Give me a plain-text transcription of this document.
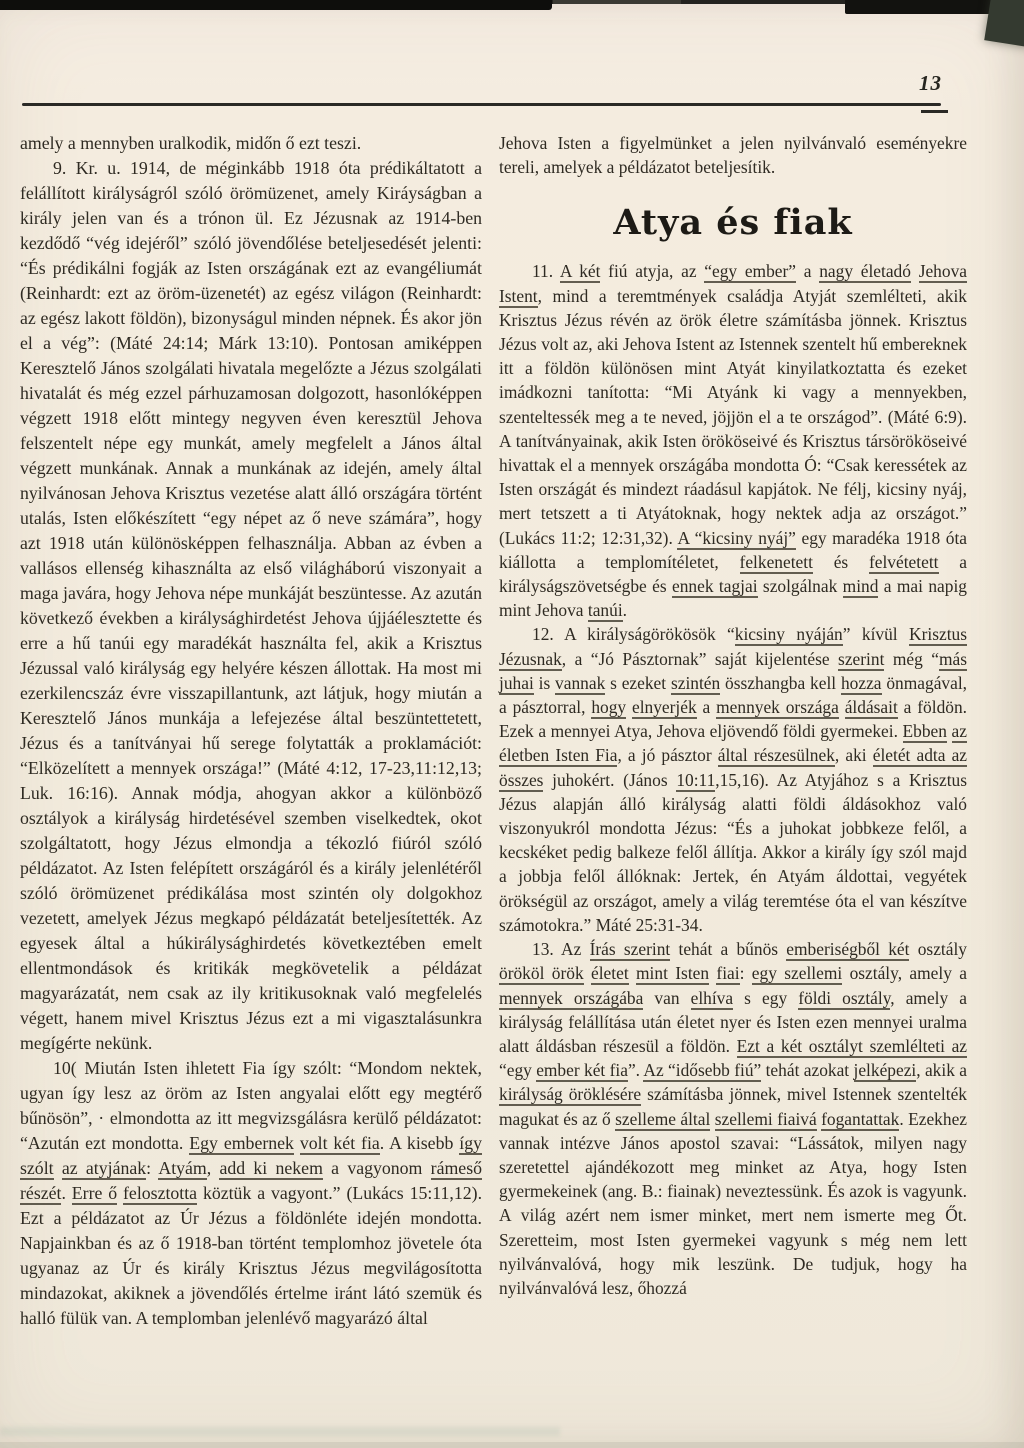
13

amely a mennyben uralkodik, midőn ő ezt teszi.

9. Kr. u. 1914, de méginkább 1918 óta prédikáltatott a felállított királyságról szóló örömüzenet, amely Kiráyságban a király jelen van és a trónon ül. Ez Jézusnak az 1914-ben kezdődő “vég idejéről” szóló jövendőlése beteljesedését jelenti: “És prédikálni fogják az Isten országának ezt az evangéliumát (Reinhardt: ezt az öröm-üzenetét) az egész világon (Reinhardt: az egész lakott földön), bizonyságul minden népnek. És akor jön el a vég”: (Máté 24:14; Márk 13:10). Pontosan amiképpen Keresztelő János szolgálati hivatala megelőzte a Jézus szolgálati hivatalát és még ezzel párhuzamosan dolgozott, hasonlóképpen végzett 1918 előtt mintegy negyven éven keresztül Jehova felszentelt népe egy munkát, amely megfelelt a János által végzett munkának. Annak a munkának az idején, amely által nyilvánosan Jehova Krisztus vezetése alatt álló országára történt utalás, Isten előkészített “egy népet az ő neve számára”, hogy azt 1918 után különösképpen felhasználja. Abban az évben a vallásos ellenség kihasználta az első világháború viszonyait a maga javára, hogy Jehova népe munkáját beszüntesse. Az azután következő években a királysághirdetést Jehova újjáélesztette és erre a hű tanúi egy maradékát használta fel, akik a Krisztus Jézussal való királyság egy helyére készen állottak. Ha most mi ezerkilencszáz évre visszapillantunk, azt látjuk, hogy miután a Keresztelő János munkája a lefejezése által beszüntettetett, Jézus és a tanítványai hű serege folytatták a proklamációt: “Elközelített a mennyek országa!” (Máté 4:12, 17-23,11:12,13; Luk. 16:16). Annak módja, ahogyan akkor a különböző osztályok a királyság hirdetésével szemben viselkedtek, okot szolgáltatott, hogy Jézus elmondja a tékozló fiúról szóló példázatot. Az Isten felépített országáról és a király jelenlétéről szóló örömüzenet prédikálása most szintén oly dolgokhoz vezetett, amelyek Jézus megkapó példázatát beteljesítették. Az egyesek által a húkirálysághirdetés következtében emelt ellentmondások és kritikák megkövetelik a példázat magyarázatát, nem csak az ily kritikusoknak való megfelelés végett, hanem mivel Krisztus Jézus ezt a mi vigasztalásunkra megígérte nekünk.

10( Miután Isten ihletett Fia így szólt: “Mondom nektek, ugyan így lesz az öröm az Isten angyalai előtt egy megtérő bűnösön”, · elmondotta az itt megvizsgálásra kerülő példázatot: “Azután ezt mondotta. Egy embernek volt két fia. A kisebb így szólt az atyjának: Atyám, add ki nekem a vagyonom rámeső részét. Erre ő felosztotta köztük a vagyont.” (Lukács 15:11,12). Ezt a példázatot az Úr Jézus a földönléte idején mondotta. Napjainkban és az ő 1918-ban történt templomhoz jövetele óta ugyanaz az Úr és király Krisztus Jézus megvilágosította mindazokat, akiknek a jövendőlés értelme iránt látó szemük és halló fülük van. A templomban jelenlévő magyarázó által

Jehova Isten a figyelmünket a jelen nyilvánvaló eseményekre tereli, amelyek a példázatot beteljesítik.

Atya és fiak

11. A két fiú atyja, az “egy ember” a nagy életadó Jehova Istent, mind a teremtmények családja Atyját szemlélteti, akik Krisztus Jézus révén az örök életre számításba jönnek. Krisztus Jézus volt az, aki Jehova Istent az Istennek szentelt hű embereknek itt a földön különösen mint Atyát kinyilatkoztatta és ezeket imádkozni tanította: “Mi Atyánk ki vagy a mennyekben, szenteltessék meg a te neved, jöjjön el a te országod”. (Máté 6:9). A tanítványainak, akik Isten örököseivé és Krisztus társörököseivé hivattak el a mennyek országába mondotta Ó: “Csak keressétek az Isten országát és mindezt ráadásul kapjátok. Ne félj, kicsiny nyáj, mert tetszett a ti Atyátoknak, hogy nektek adja az országot.” (Lukács 11:2; 12:31,32). A “kicsiny nyáj” egy maradéka 1918 óta kiállotta a templomítéletet, felkenetett és felvétetett a királyságszövetségbe és ennek tagjai szolgálnak mind a mai napig mint Jehova tanúi.

12. A királyságörökösök “kicsiny nyáján” kívül Krisztus Jézusnak, a “Jó Pásztornak” saját kijelentése szerint még “más juhai is vannak s ezeket szintén összhangba kell hozza önmagával, a pásztorral, hogy elnyerjék a mennyek országa áldásait a földön. Ezek a mennyei Atya, Jehova eljövendő földi gyermekei. Ebben az életben Isten Fia, a jó pásztor által részesülnek, aki életét adta az összes juhokért. (János 10:11,15,16). Az Atyjához s a Krisztus Jézus alapján álló királyság alatti földi áldásokhoz való viszonyukról mondotta Jézus: “És a juhokat jobbkeze felől, a kecskéket pedig balkeze felől állítja. Akkor a király így szól majd a jobbja felől állóknak: Jertek, én Atyám áldottai, vegyétek örökségül az országot, amely a világ teremtése óta el van készítve számotokra.” Máté 25:31-34.

13. Az Írás szerint tehát a bűnös emberiségből két osztály örököl örök életet mint Isten fiai: egy szellemi osztály, amely a mennyek országába van elhíva s egy földi osztály, amely a királyság felállítása után életet nyer és Isten ezen mennyei uralma alatt áldásban részesül a földön. Ezt a két osztályt szemlélteti az “egy ember két fia”. Az “idősebb fiú” tehát azokat jelképezi, akik a királyság öröklésére számításba jönnek, mivel Istennek szentelték magukat és az ő szelleme által szellemi fiaivá fogantattak. Ezekhez vannak intézve János apostol szavai: “Lássátok, milyen nagy szeretettel ajándékozott meg minket az Atya, hogy Isten gyermekeinek (ang. B.: fiainak) neveztessünk. És azok is vagyunk. A világ azért nem ismer minket, mert nem ismerte meg Őt. Szeretteim, most Isten gyermekei vagyunk s még nem lett nyilvánvalóvá, hogy mik leszünk. De tudjuk, hogy ha nyilvánvalóvá lesz, őhozzá
